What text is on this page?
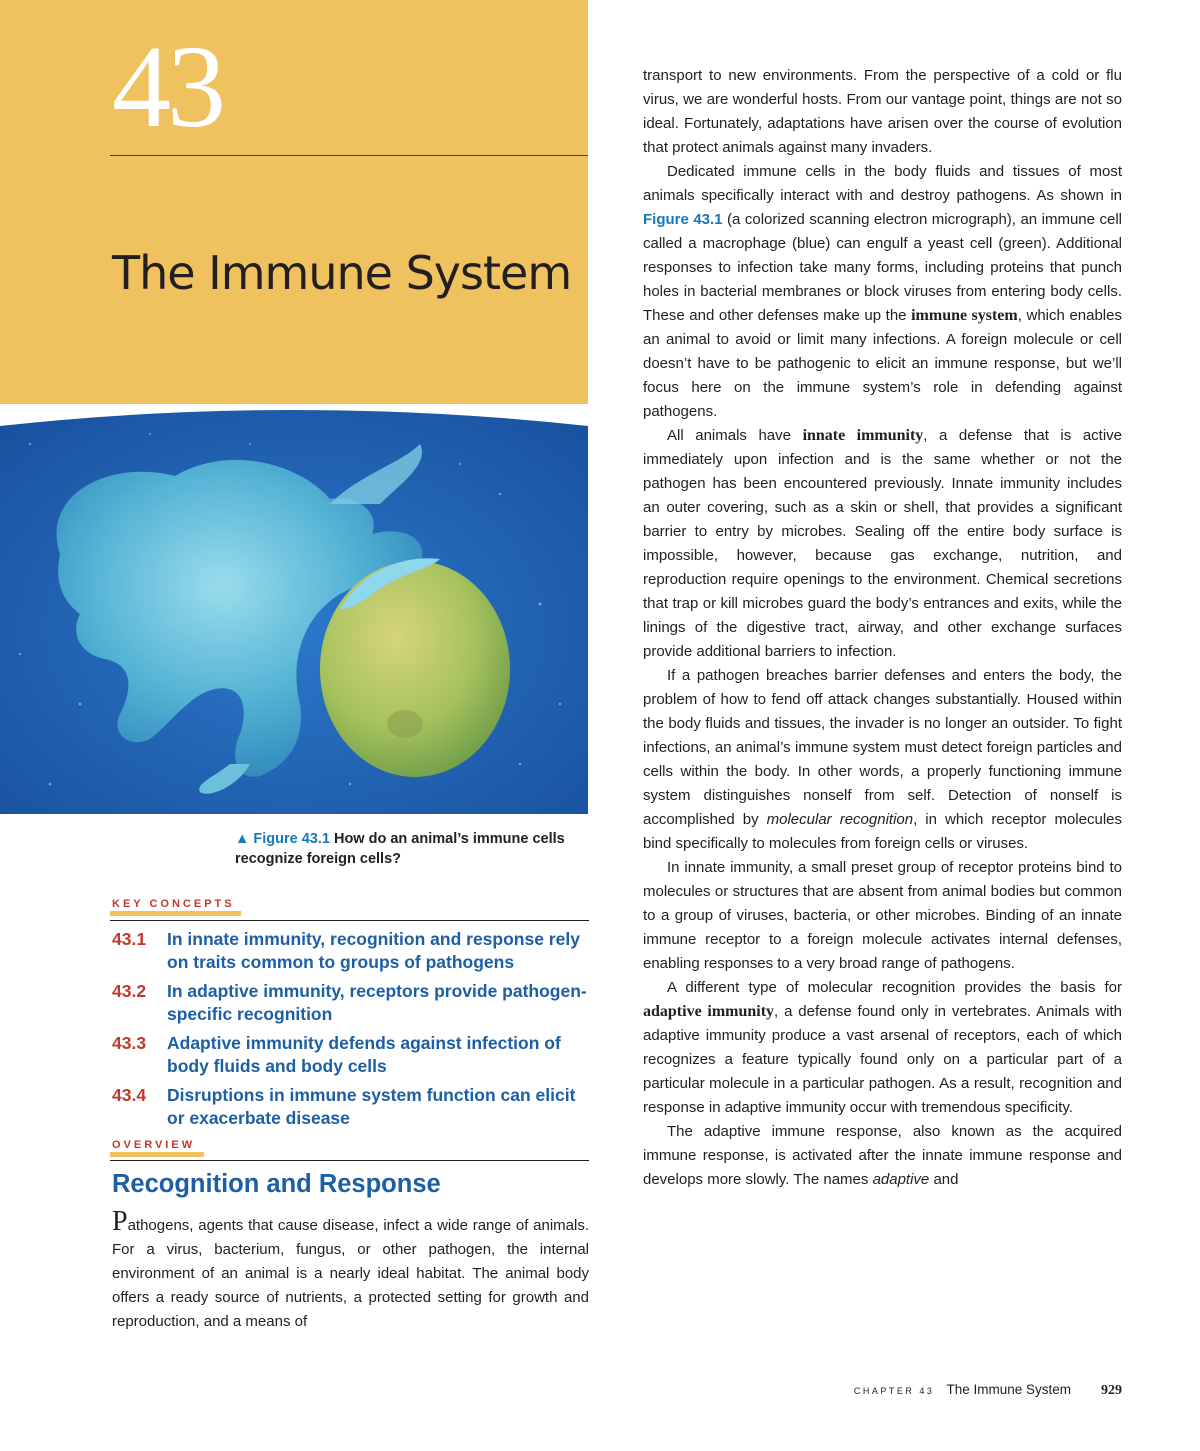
43
The Immune System
▲ Figure 43.1 How do an animal’s immune cells recognize foreign cells?
KEY CONCEPTS
43.1	In innate immunity, recognition and response rely on traits common to groups of pathogens
43.2	In adaptive immunity, receptors provide pathogen-specific recognition
43.3	Adaptive immunity defends against infection of body fluids and body cells
43.4	Disruptions in immune system function can elicit or exacerbate disease
OVERVIEW
Recognition and Response

Pathogens, agents that cause disease, infect a wide range of animals. For a virus, bacterium, fungus, or other pathogen, the internal environment of an animal is a nearly ideal habitat. The animal body offers a ready source of nutrients, a protected setting for growth and reproduction, and a means of

transport to new environments. From the perspective of a cold or flu virus, we are wonderful hosts. From our vantage point, things are not so ideal. Fortunately, adaptations have arisen over the course of evolution that protect animals against many invaders.

Dedicated immune cells in the body fluids and tissues of most animals specifically interact with and destroy pathogens. As shown in Figure 43.1 (a colorized scanning electron micrograph), an immune cell called a macrophage (blue) can engulf a yeast cell (green). Additional responses to infection take many forms, including proteins that punch holes in bacterial membranes or block viruses from entering body cells. These and other defenses make up the immune system, which enables an animal to avoid or limit many infections. A foreign molecule or cell doesn’t have to be pathogenic to elicit an immune response, but we’ll focus here on the immune system’s role in defending against pathogens.

All animals have innate immunity, a defense that is active immediately upon infection and is the same whether or not the pathogen has been encountered previously. Innate immunity includes an outer covering, such as a skin or shell, that provides a significant barrier to entry by microbes. Sealing off the entire body surface is impossible, however, because gas exchange, nutrition, and reproduction require openings to the environment. Chemical secretions that trap or kill microbes guard the body’s entrances and exits, while the linings of the digestive tract, airway, and other exchange surfaces provide additional barriers to infection.

If a pathogen breaches barrier defenses and enters the body, the problem of how to fend off attack changes substantially. Housed within the body fluids and tissues, the invader is no longer an outsider. To fight infections, an animal’s immune system must detect foreign particles and cells within the body. In other words, a properly functioning immune system distinguishes nonself from self. Detection of nonself is accomplished by molecular recognition, in which receptor molecules bind specifically to molecules from foreign cells or viruses.

In innate immunity, a small preset group of receptor proteins bind to molecules or structures that are absent from animal bodies but common to a group of viruses, bacteria, or other microbes. Binding of an innate immune receptor to a foreign molecule activates internal defenses, enabling responses to a very broad range of pathogens.

A different type of molecular recognition provides the basis for adaptive immunity, a defense found only in vertebrates. Animals with adaptive immunity produce a vast arsenal of receptors, each of which recognizes a feature typically found only on a particular part of a particular molecule in a particular pathogen. As a result, recognition and response in adaptive immunity occur with tremendous specificity.

The adaptive immune response, also known as the acquired immune response, is activated after the innate immune response and develops more slowly. The names adaptive and

CHAPTER 43 The Immune System 929
